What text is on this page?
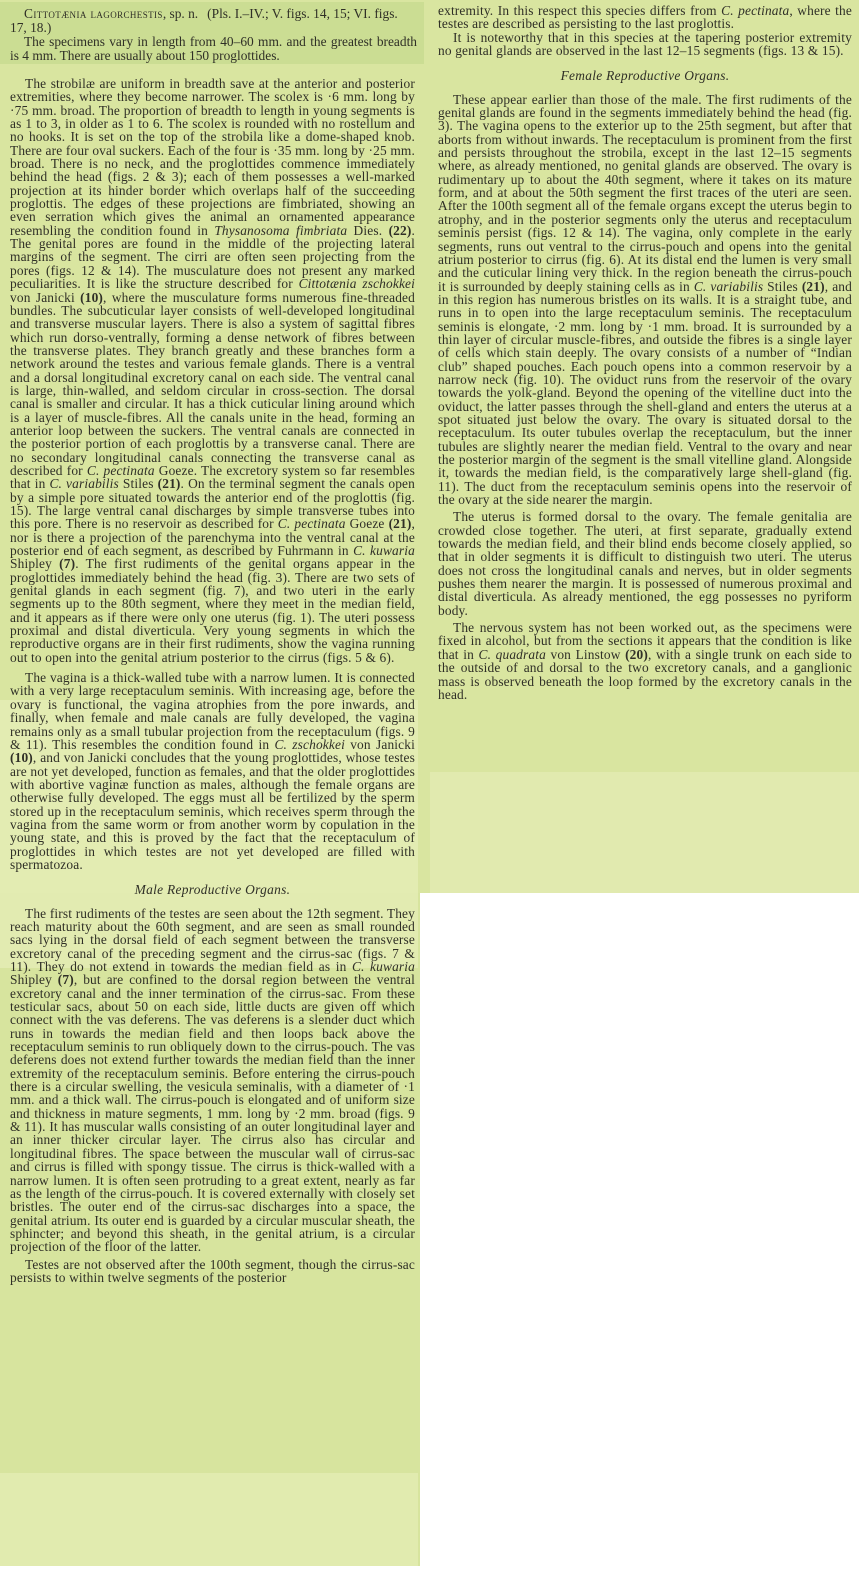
Cittotænia lagorchestis, sp. n. (Pls. I.–IV.; V. figs. 14, 15; VI. figs. 17, 18.)

The specimens vary in length from 40–60 mm. and the greatest breadth is 4 mm. There are usually about 150 proglottides.

The strobilæ are uniform in breadth save at the anterior and posterior extremities, where they become narrower. The scolex is ·6 mm. long by ·75 mm. broad. The proportion of breadth to length in young segments is as 1 to 3, in older as 1 to 6. The scolex is rounded with no rostellum and no hooks. It is set on the top of the strobila like a dome-shaped knob. There are four oval suckers. Each of the four is ·35 mm. long by ·25 mm. broad. There is no neck, and the proglottides commence immediately behind the head (figs. 2 & 3); each of them possesses a well-marked projection at its hinder border which overlaps half of the succeeding proglottis. The edges of these projections are fimbriated, showing an even serration which gives the animal an ornamented appearance resembling the condition found in Thysanosoma fimbriata Dies. (22). The genital pores are found in the middle of the projecting lateral margins of the segment. The cirri are often seen projecting from the pores (figs. 12 & 14). The musculature does not present any marked peculiarities. It is like the structure described for Cittotænia zschokkei von Janicki (10), where the musculature forms numerous fine-threaded bundles. The subcuticular layer consists of well-developed longitudinal and transverse muscular layers. There is also a system of sagittal fibres which run dorso-ventrally, forming a dense network of fibres between the transverse plates. They branch greatly and these branches form a network around the testes and various female glands. There is a ventral and a dorsal longitudinal excretory canal on each side. The ventral canal is large, thin-walled, and seldom circular in cross-section. The dorsal canal is smaller and circular. It has a thick cuticular lining around which is a layer of muscle-fibres. All the canals unite in the head, forming an anterior loop between the suckers. The ventral canals are connected in the posterior portion of each proglottis by a transverse canal. There are no secondary longitudinal canals connecting the transverse canal as described for C. pectinata Goeze. The excretory system so far resembles that in C. variabilis Stiles (21). On the terminal segment the canals open by a simple pore situated towards the anterior end of the proglottis (fig. 15). The large ventral canal discharges by simple transverse tubes into this pore. There is no reservoir as described for C. pectinata Goeze (21), nor is there a projection of the parenchyma into the ventral canal at the posterior end of each segment, as described by Fuhrmann in C. kuwaria Shipley (7). The first rudiments of the genital organs appear in the proglottides immediately behind the head (fig. 3). There are two sets of genital glands in each segment (fig. 7), and two uteri in the early segments up to the 80th segment, where they meet in the median field, and it appears as if there were only one uterus (fig. 1). The uteri possess proximal and distal diverticula. Very young segments in which the reproductive organs are in their first rudiments, show the vagina running out to open into the genital atrium posterior to the cirrus (figs. 5 & 6).

The vagina is a thick-walled tube with a narrow lumen. It is connected with a very large receptaculum seminis. With increasing age, before the ovary is functional, the vagina atrophies from the pore inwards, and finally, when female and male canals are fully developed, the vagina remains only as a small tubular projection from the receptaculum (figs. 9 & 11). This resembles the condition found in C. zschokkei von Janicki (10), and von Janicki concludes that the young proglottides, whose testes are not yet developed, function as females, and that the older proglottides with abortive vaginæ function as males, although the female organs are otherwise fully developed. The eggs must all be fertilized by the sperm stored up in the receptaculum seminis, which receives sperm through the vagina from the same worm or from another worm by copulation in the young state, and this is proved by the fact that the receptaculum of proglottides in which testes are not yet developed are filled with spermatozoa.

Male Reproductive Organs.

The first rudiments of the testes are seen about the 12th segment. They reach maturity about the 60th segment, and are seen as small rounded sacs lying in the dorsal field of each segment between the transverse excretory canal of the preceding segment and the cirrus-sac (figs. 7 & 11). They do not extend in towards the median field as in C. kuwaria Shipley (7), but are confined to the dorsal region between the ventral excretory canal and the inner termination of the cirrus-sac. From these testicular sacs, about 50 on each side, little ducts are given off which connect with the vas deferens. The vas deferens is a slender duct which runs in towards the median field and then loops back above the receptaculum seminis to run obliquely down to the cirrus-pouch. The vas deferens does not extend further towards the median field than the inner extremity of the receptaculum seminis. Before entering the cirrus-pouch there is a circular swelling, the vesicula seminalis, with a diameter of ·1 mm. and a thick wall. The cirrus-pouch is elongated and of uniform size and thickness in mature segments, 1 mm. long by ·2 mm. broad (figs. 9 & 11). It has muscular walls consisting of an outer longitudinal layer and an inner thicker circular layer. The cirrus also has circular and longitudinal fibres. The space between the muscular wall of cirrus-sac and cirrus is filled with spongy tissue. The cirrus is thick-walled with a narrow lumen. It is often seen protruding to a great extent, nearly as far as the length of the cirrus-pouch. It is covered externally with closely set bristles. The outer end of the cirrus-sac discharges into a space, the genital atrium. Its outer end is guarded by a circular muscular sheath, the sphincter; and beyond this sheath, in the genital atrium, is a circular projection of the floor of the latter.

Testes are not observed after the 100th segment, though the cirrus-sac persists to within twelve segments of the posterior

extremity. In this respect this species differs from C. pectinata, where the testes are described as persisting to the last proglottis.

It is noteworthy that in this species at the tapering posterior extremity no genital glands are observed in the last 12–15 segments (figs. 13 & 15).

Female Reproductive Organs.

These appear earlier than those of the male. The first rudiments of the genital glands are found in the segments immediately behind the head (fig. 3). The vagina opens to the exterior up to the 25th segment, but after that aborts from without inwards. The receptaculum is prominent from the first and persists throughout the strobila, except in the last 12–15 segments where, as already mentioned, no genital glands are observed. The ovary is rudimentary up to about the 40th segment, where it takes on its mature form, and at about the 50th segment the first traces of the uteri are seen. After the 100th segment all of the female organs except the uterus begin to atrophy, and in the posterior segments only the uterus and receptaculum seminis persist (figs. 12 & 14). The vagina, only complete in the early segments, runs out ventral to the cirrus-pouch and opens into the genital atrium posterior to cirrus (fig. 6). At its distal end the lumen is very small and the cuticular lining very thick. In the region beneath the cirrus-pouch it is surrounded by deeply staining cells as in C. variabilis Stiles (21), and in this region has numerous bristles on its walls. It is a straight tube, and runs in to open into the large receptaculum seminis. The receptaculum seminis is elongate, ·2 mm. long by ·1 mm. broad. It is surrounded by a thin layer of circular muscle-fibres, and outside the fibres is a single layer of cells which stain deeply. The ovary consists of a number of “Indian club” shaped pouches. Each pouch opens into a common reservoir by a narrow neck (fig. 10). The oviduct runs from the reservoir of the ovary towards the yolk-gland. Beyond the opening of the vitelline duct into the oviduct, the latter passes through the shell-gland and enters the uterus at a spot situated just below the ovary. The ovary is situated dorsal to the receptaculum. Its outer tubules overlap the receptaculum, but the inner tubules are slightly nearer the median field. Ventral to the ovary and near the posterior margin of the segment is the small vitelline gland. Alongside it, towards the median field, is the comparatively large shell-gland (fig. 11). The duct from the receptaculum seminis opens into the reservoir of the ovary at the side nearer the margin.

The uterus is formed dorsal to the ovary. The female genitalia are crowded close together. The uteri, at first separate, gradually extend towards the median field, and their blind ends become closely applied, so that in older segments it is difficult to distinguish two uteri. The uterus does not cross the longitudinal canals and nerves, but in older segments pushes them nearer the margin. It is possessed of numerous proximal and distal diverticula. As already mentioned, the egg possesses no pyriform body.

The nervous system has not been worked out, as the specimens were fixed in alcohol, but from the sections it appears that the condition is like that in C. quadrata von Linstow (20), with a single trunk on each side to the outside of and dorsal to the two excretory canals, and a ganglionic mass is observed beneath the loop formed by the excretory canals in the head.
